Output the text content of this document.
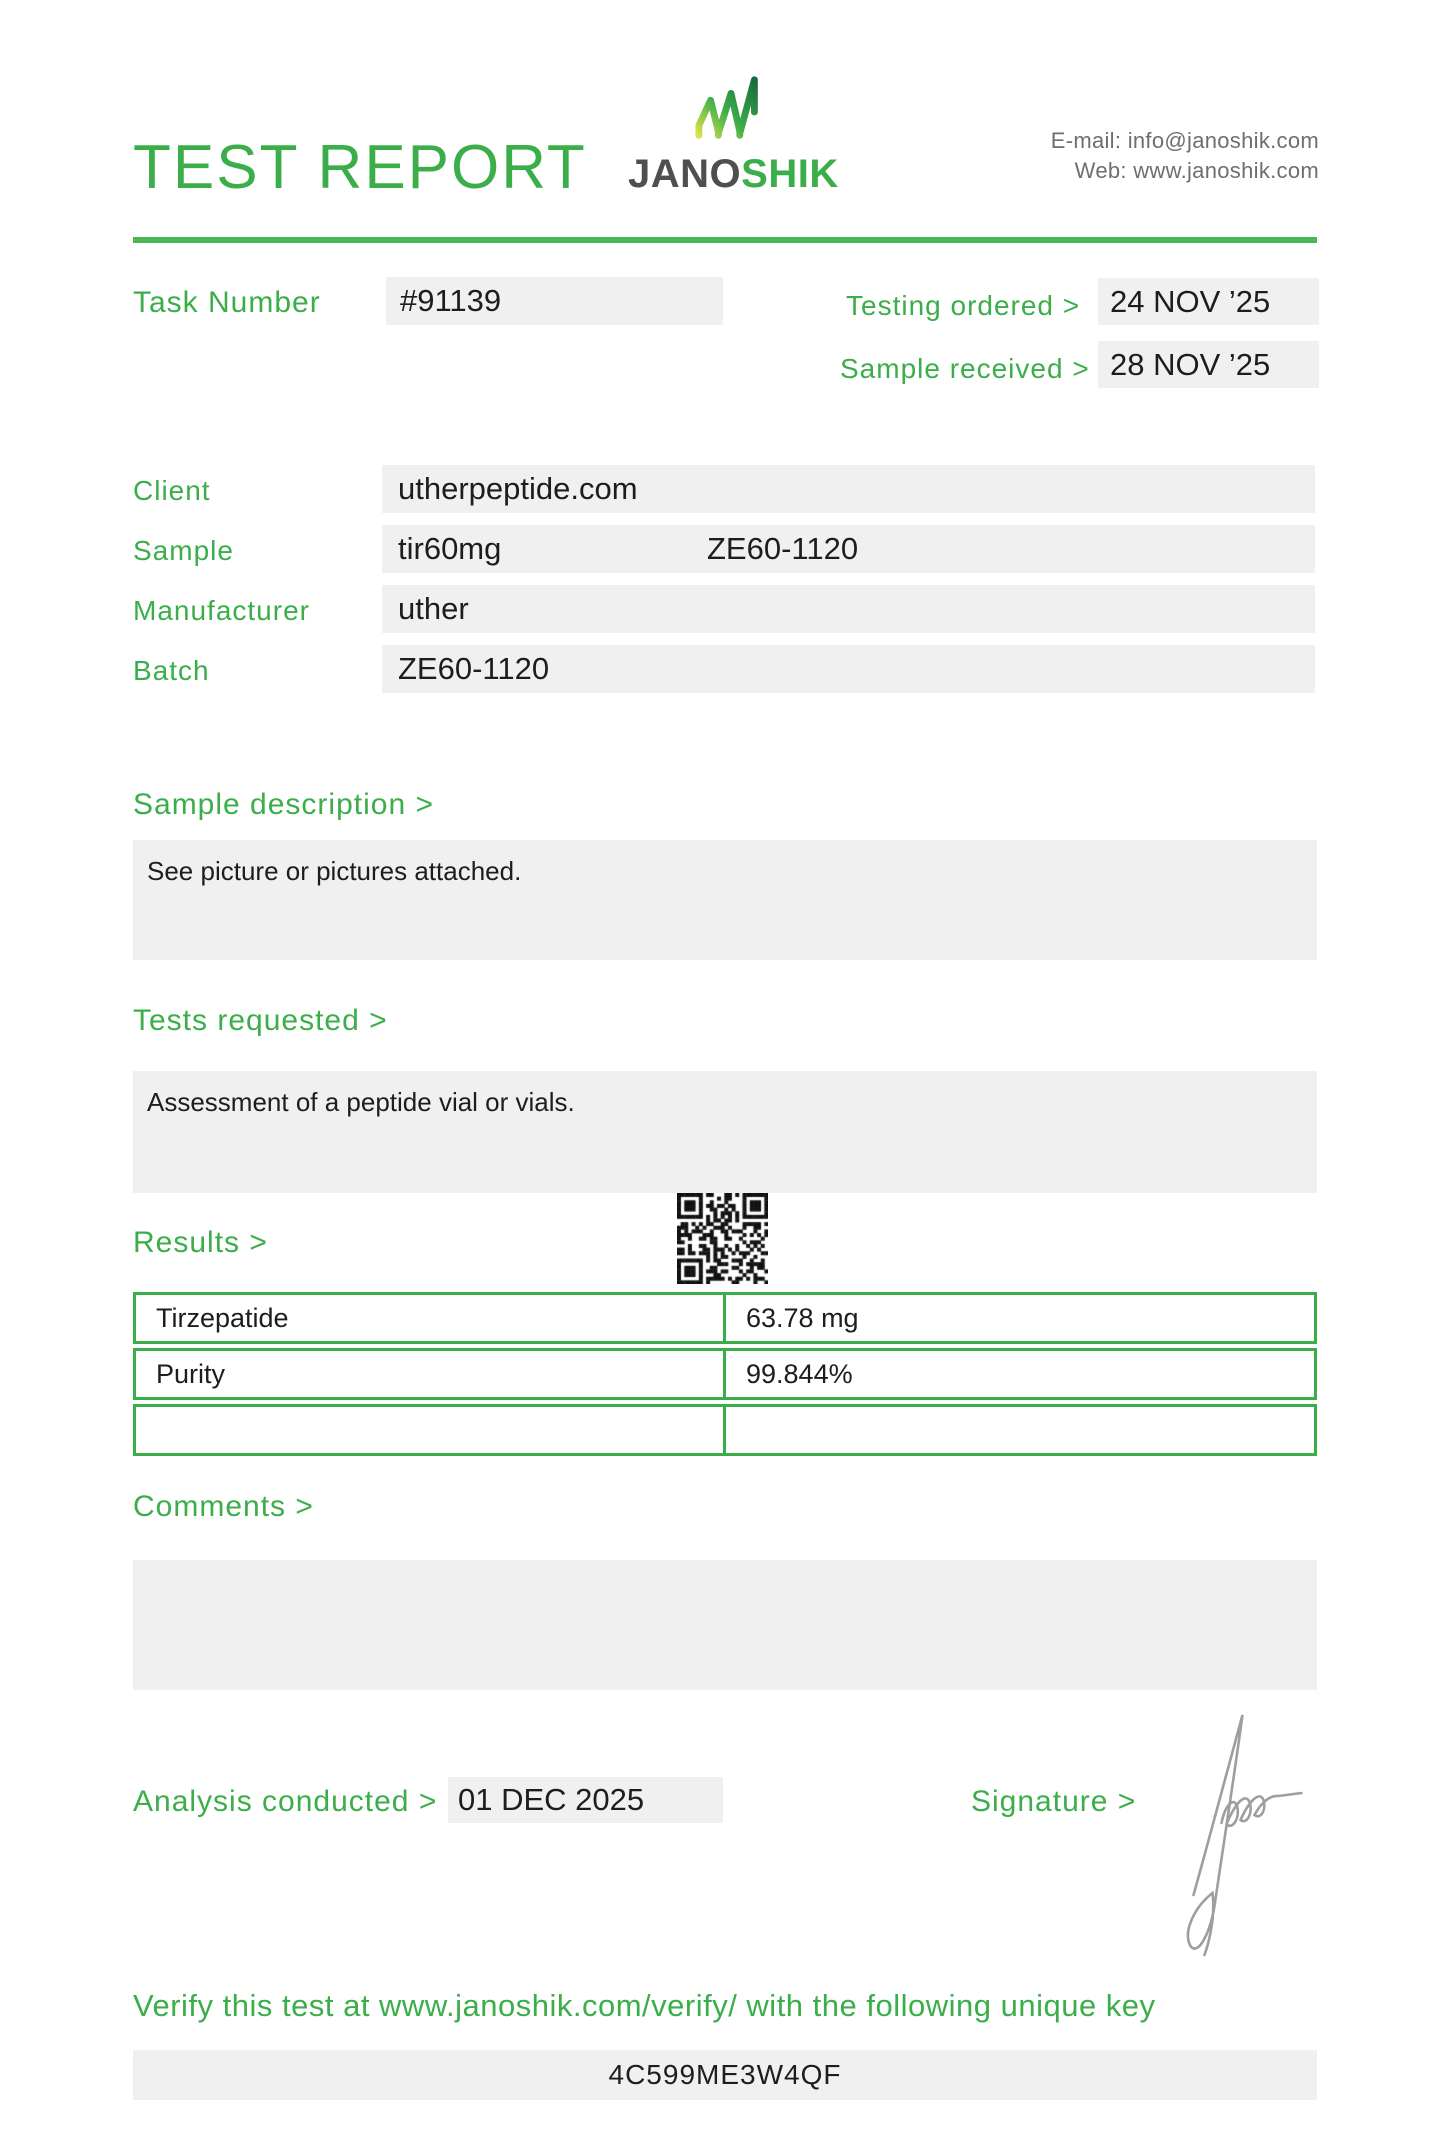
TEST REPORT JANOSHIK
E-mail: info@janoshik.com
Web: www.janoshik.com
Task Number	#91139	Testing ordered > 24 NOV ’25
Sample received > 28 NOV ’25
Client	utherpeptide.com
Sample	tir60mg	ZE60-1120
Manufacturer	uther
Batch	ZE60-1120
Sample description >
See picture or pictures attached.
Tests requested >
Assessment of a peptide vial or vials.
Results >
Tirzepatide	63.78 mg
Purity	99.844%
Comments >
Analysis conducted > 01 DEC 2025	Signature >
Verify this test at www.janoshik.com/verify/ with the following unique key
4C599ME3W4QF
